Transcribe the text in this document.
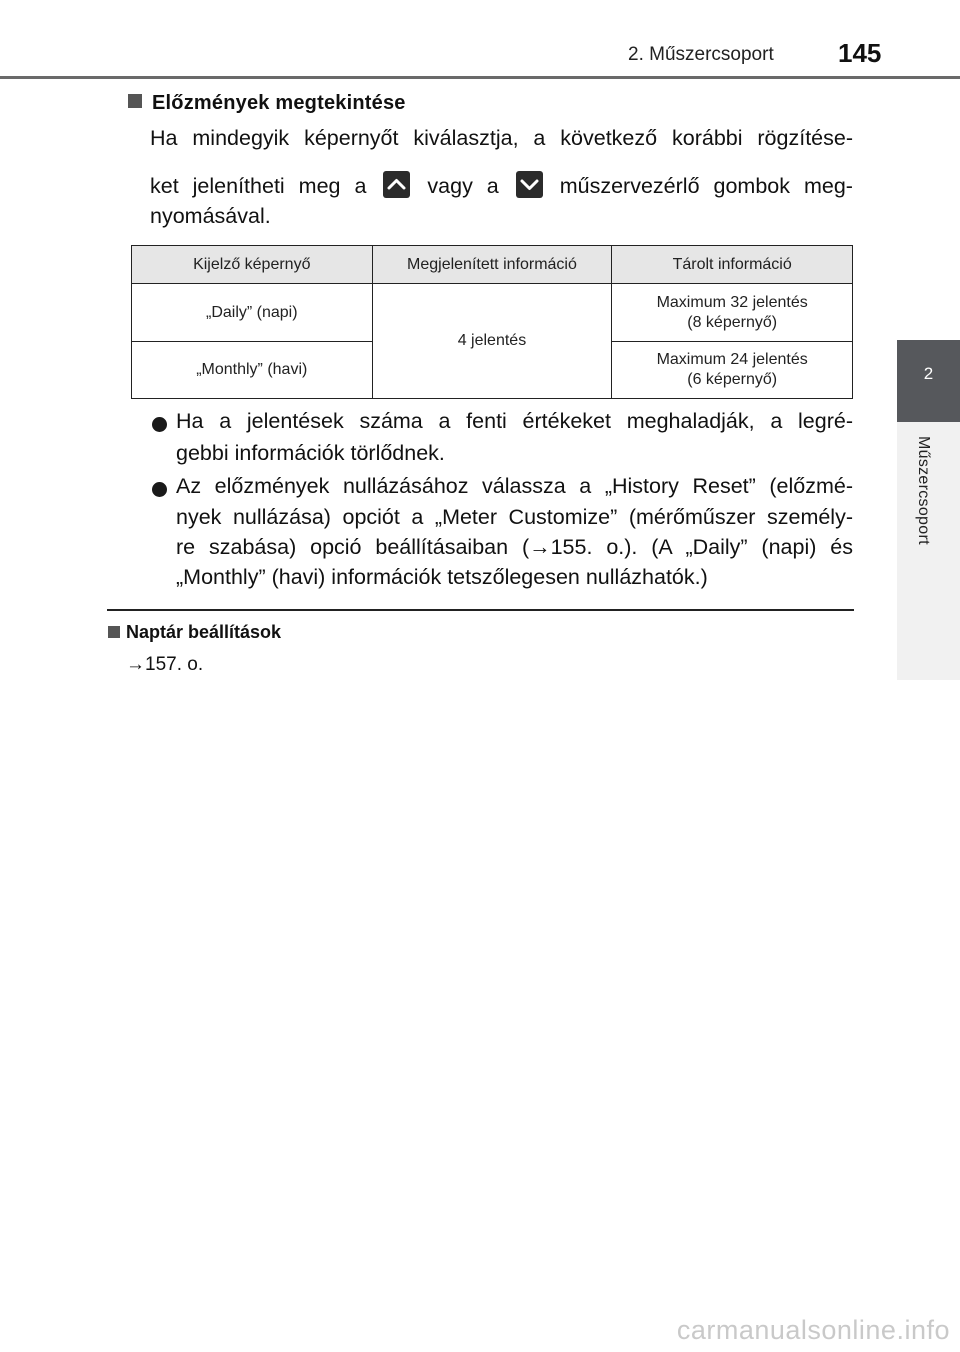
2. Műszercsoport 145
2
Műszercsoport
Előzmények megtekintése
Ha mindegyik képernyőt kiválasztja, a következő korábbi rögzítése-
ket jelenítheti meg a	vagy a	műszervezérlő gombok meg-
nyomásával.
Kijelző képernyő	Megjelenített információ	Tárolt információ
„Daily” (napi)	4 jelentés	Maximum 32 jelentés
(8 képernyő)

„Monthly” (havi)		Maximum 24 jelentés
(6 képernyő)
Ha a jelentések száma a fenti értékeket meghaladják, a legré-
gebbi információk törlődnek.
Az előzmények nullázásához válassza a „History Reset” (előzmé-
nyek nullázása) opciót a „Meter Customize” (mérőműszer személy-
re szabása) opció beállításaiban (→155. o.). (A „Daily” (napi) és
„Monthly” (havi) információk tetszőlegesen nullázhatók.)
Naptár beállítások
→157. o.
carmanualsonline.info
